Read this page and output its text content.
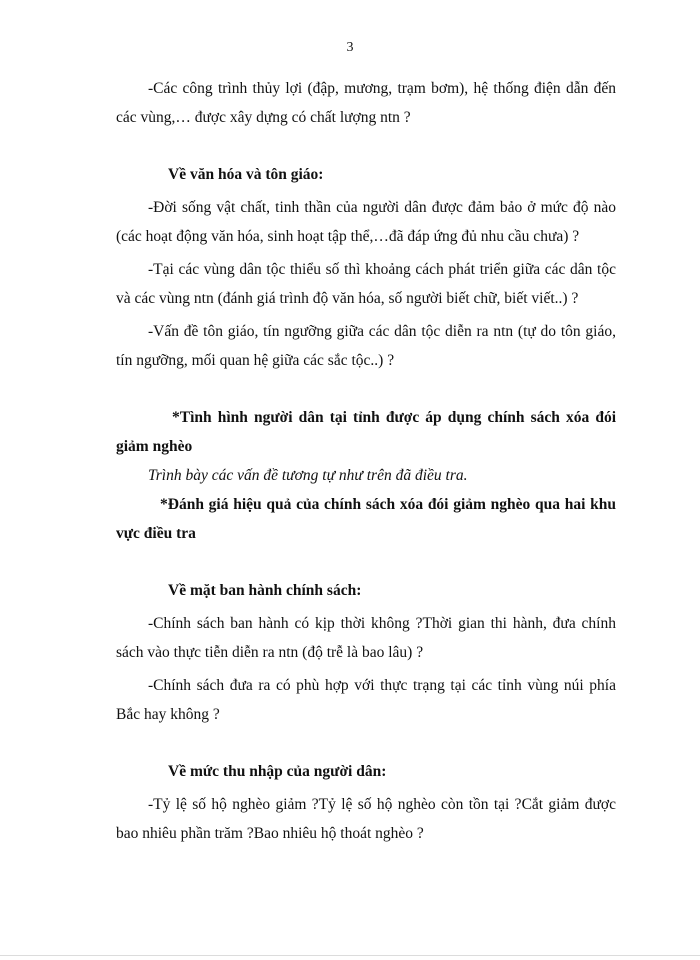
3

-Các công trình thủy lợi (đập, mương, trạm bơm), hệ thống điện dẫn đến các vùng,… được xây dựng có chất lượng ntn ?

Về văn hóa và tôn giáo:

-Đời sống vật chất, tinh thần của người dân được đảm bảo ở mức độ nào (các hoạt động văn hóa, sinh hoạt tập thể,…đã đáp ứng đủ nhu cầu chưa) ?

-Tại các vùng dân tộc thiểu số thì khoảng cách phát triển giữa các dân tộc và các vùng ntn (đánh giá trình độ văn hóa, số người biết chữ, biết viết..) ?

-Vấn đề tôn giáo, tín ngưỡng giữa các dân tộc diễn ra ntn (tự do tôn giáo, tín ngưỡng, mối quan hệ giữa các sắc tộc..) ?

*Tình hình người dân tại tỉnh được áp dụng chính sách xóa đói giảm nghèo

Trình bày các vấn đề tương tự như trên đã điều tra.

*Đánh giá hiệu quả của chính sách xóa đói giảm nghèo qua hai khu vực điều tra

Về mặt ban hành chính sách:

-Chính sách ban hành có kịp thời không ?Thời gian thi hành, đưa chính sách vào thực tiễn diễn ra ntn (độ trễ là bao lâu) ?

-Chính sách đưa ra có phù hợp với thực trạng tại các tỉnh vùng núi phía Bắc hay không ?

Về mức thu nhập của người dân:

-Tỷ lệ số hộ nghèo giảm ?Tỷ lệ số hộ nghèo còn tồn tại ?Cắt giảm được bao nhiêu phần trăm ?Bao nhiêu hộ thoát nghèo ?
